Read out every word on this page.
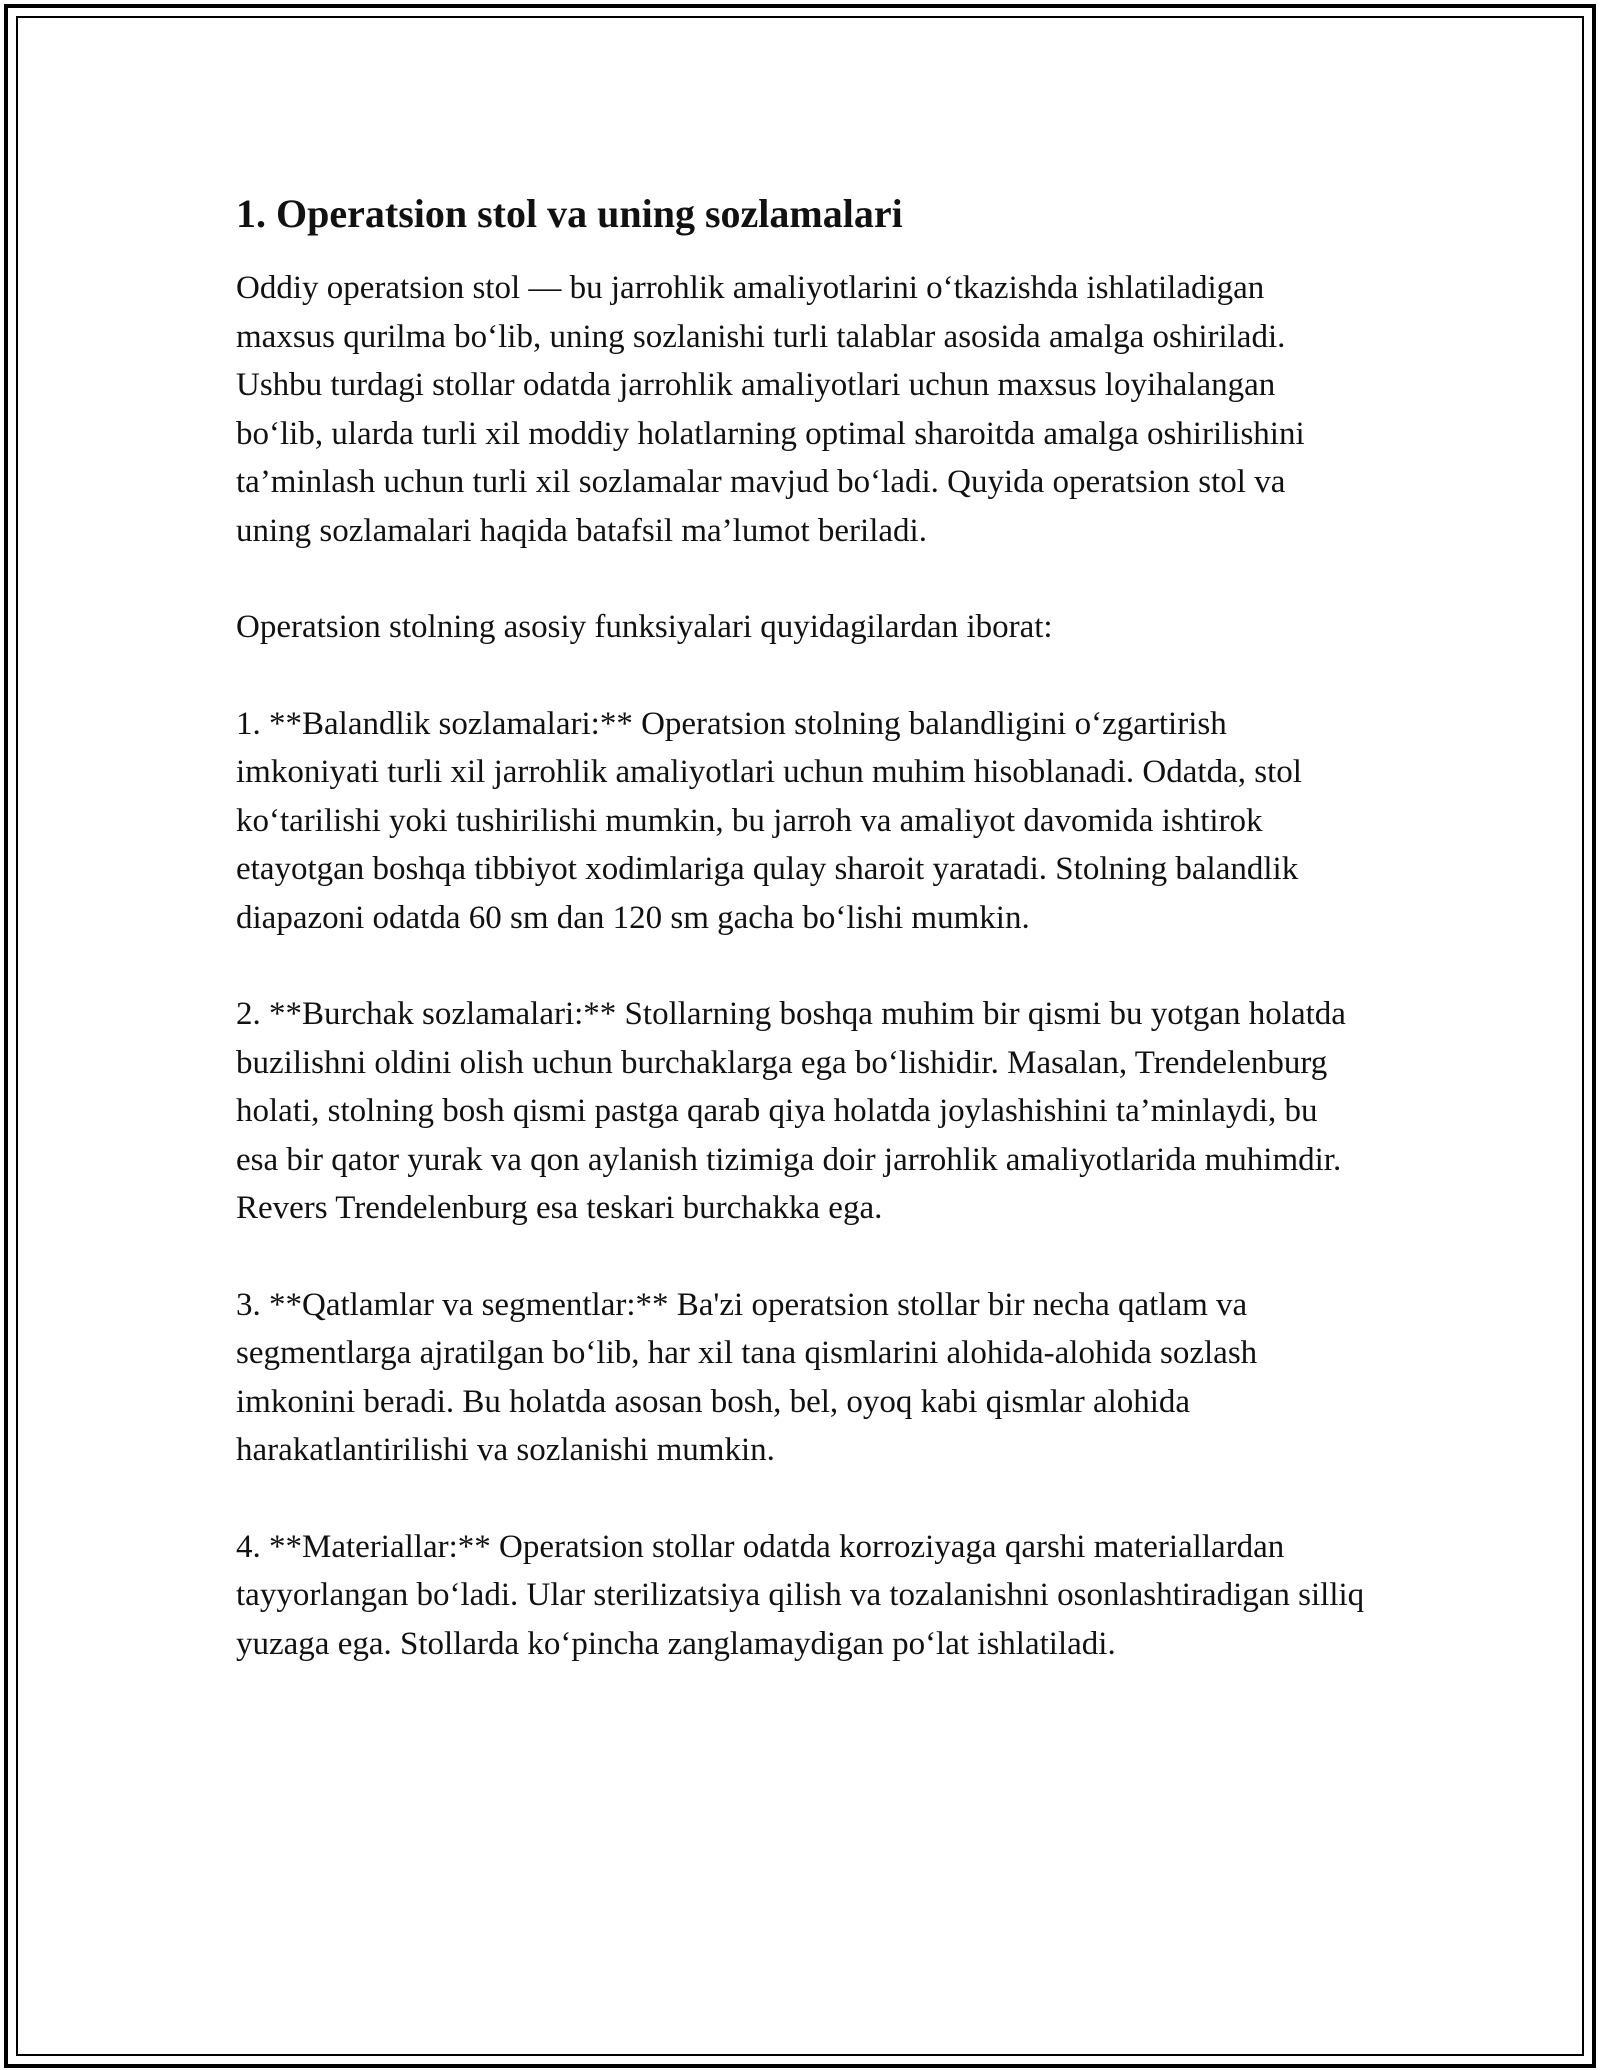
1. Operatsion stol va uning sozlamalari

Oddiy operatsion stol — bu jarrohlik amaliyotlarini o‘tkazishda ishlatiladigan maxsus qurilma bo‘lib, uning sozlanishi turli talablar asosida amalga oshiriladi. Ushbu turdagi stollar odatda jarrohlik amaliyotlari uchun maxsus loyihalangan bo‘lib, ularda turli xil moddiy holatlarning optimal sharoitda amalga oshirilishini ta’minlash uchun turli xil sozlamalar mavjud bo‘ladi. Quyida operatsion stol va uning sozlamalari haqida batafsil ma’lumot beriladi.

Operatsion stolning asosiy funksiyalari quyidagilardan iborat:

1. **Balandlik sozlamalari:** Operatsion stolning balandligini o‘zgartirish imkoniyati turli xil jarrohlik amaliyotlari uchun muhim hisoblanadi. Odatda, stol ko‘tarilishi yoki tushirilishi mumkin, bu jarroh va amaliyot davomida ishtirok etayotgan boshqa tibbiyot xodimlariga qulay sharoit yaratadi. Stolning balandlik diapazoni odatda 60 sm dan 120 sm gacha bo‘lishi mumkin.

2. **Burchak sozlamalari:** Stollarning boshqa muhim bir qismi bu yotgan holatda buzilishni oldini olish uchun burchaklarga ega bo‘lishidir. Masalan, Trendelenburg holati, stolning bosh qismi pastga qarab qiya holatda joylashishini ta’minlaydi, bu esa bir qator yurak va qon aylanish tizimiga doir jarrohlik amaliyotlarida muhimdir. Revers Trendelenburg esa teskari burchakka ega.

3. **Qatlamlar va segmentlar:** Ba'zi operatsion stollar bir necha qatlam va segmentlarga ajratilgan bo‘lib, har xil tana qismlarini alohida-alohida sozlash imkonini beradi. Bu holatda asosan bosh, bel, oyoq kabi qismlar alohida harakatlantirilishi va sozlanishi mumkin.

4. **Materiallar:** Operatsion stollar odatda korroziyaga qarshi materiallardan tayyorlangan bo‘ladi. Ular sterilizatsiya qilish va tozalanishni osonlashtiradigan silliq yuzaga ega. Stollarda ko‘pincha zanglamaydigan po‘lat ishlatiladi.
